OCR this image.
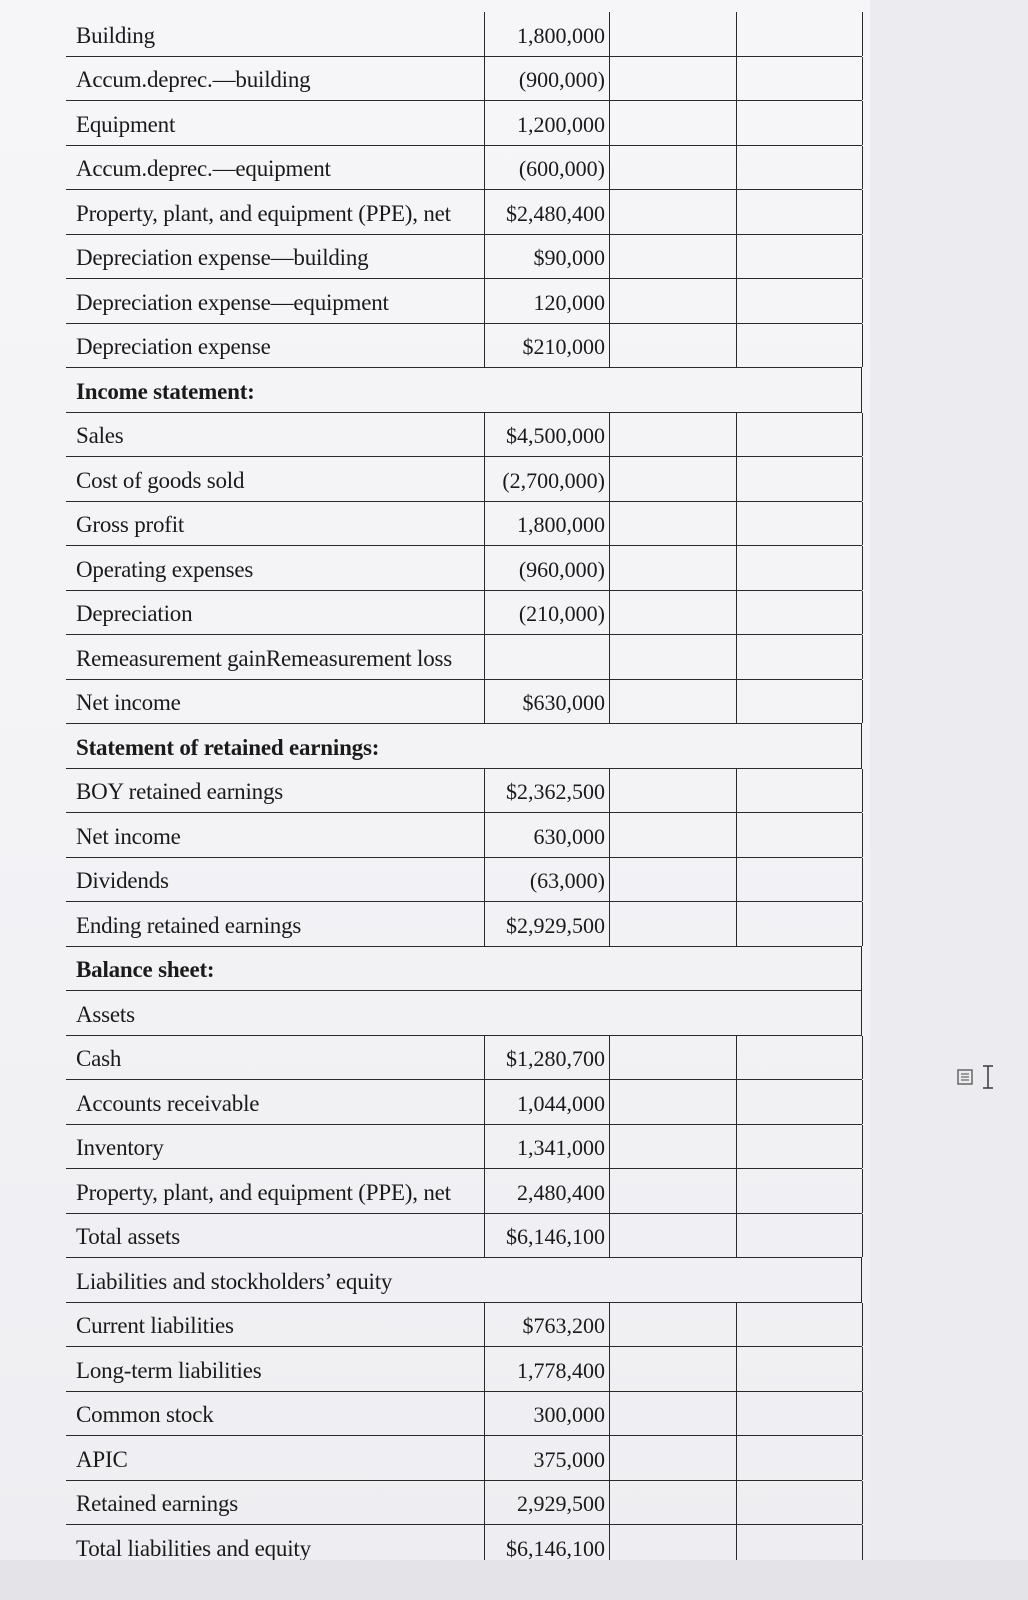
Building	1,800,000
Accum.deprec.—building	(900,000)
Equipment	1,200,000
Accum.deprec.—equipment	(600,000)
Property, plant, and equipment (PPE), net	$2,480,400
Depreciation expense—building	$90,000
Depreciation expense—equipment	120,000
Depreciation expense	$210,000
Income statement:
Sales	$4,500,000
Cost of goods sold	(2,700,000)
Gross profit	1,800,000
Operating expenses	(960,000)
Depreciation	(210,000)
Remeasurement gainRemeasurement loss
Net income	$630,000
Statement of retained earnings:
BOY retained earnings	$2,362,500
Net income	630,000
Dividends	(63,000)
Ending retained earnings	$2,929,500
Balance sheet:
Assets
Cash	$1,280,700
Accounts receivable	1,044,000
Inventory	1,341,000
Property, plant, and equipment (PPE), net	2,480,400
Total assets	$6,146,100
Liabilities and stockholders’ equity
Current liabilities	$763,200
Long-term liabilities	1,778,400
Common stock	300,000
APIC	375,000
Retained earnings	2,929,500
Total liabilities and equity	$6,146,100
